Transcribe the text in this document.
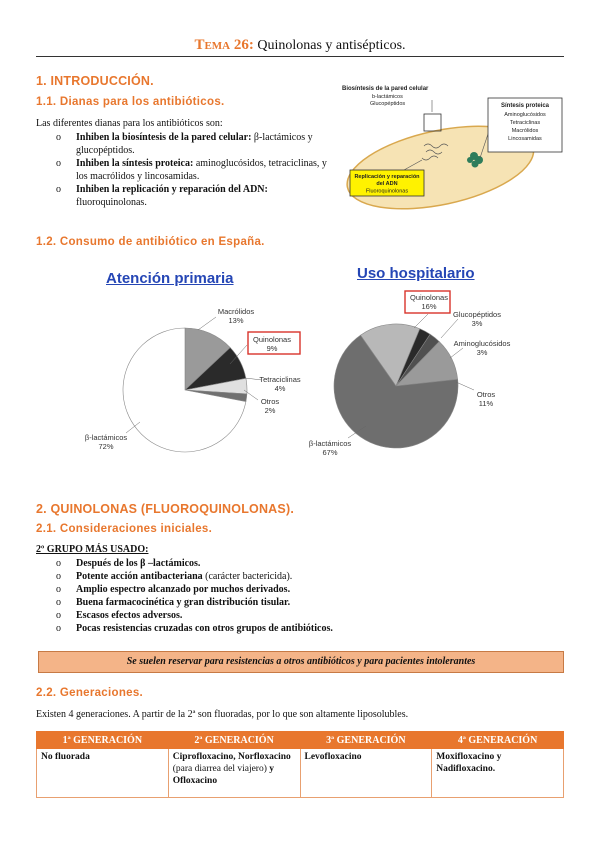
Tema 26: Quinolonas y antisépticos.
1. INTRODUCCIÓN.
1.1. Dianas para los antibióticos.
Las diferentes dianas para los antibióticos son:
o	Inhiben la biosíntesis de la pared celular: β-lactámicos y glucopéptidos.
o	Inhiben la síntesis proteica: aminoglucósidos, tetraciclinas, y los macrólidos y lincosamidas.
o	Inhiben la replicación y reparación del ADN: fluoroquinolonas.
Biosíntesis de la pared celular
b-lactámicos
Glucopéptidos	Síntesis proteica
Aminoglucósidos
Tetraciclinas
Macrólidos
Lincosamidas
Replicación y reparación
del ADN
Fluoroquinolonas
1.2. Consumo de antibiótico en España.
Atención primaria
Macrólidos
13%
Quinolonas
9%
Tetraciclinas
4%
Otros
2%
β-lactámicos
72%
Uso hospitalario
Quinolonas
16%
Glucopéptidos
3%
Aminoglucósidos
3%
Otros
11%
β-lactámicos
67%
2. QUINOLONAS (FLUOROQUINOLONAS).
2.1. Consideraciones iniciales.
2º GRUPO MÁS USADO:
o	Después de los β –lactámicos.
o	Potente acción antibacteriana (carácter bactericida).
o	Amplio espectro alcanzado por muchos derivados.
o	Buena farmacocinética y gran distribución tisular.
o	Escasos efectos adversos.
o	Pocas resistencias cruzadas con otros grupos de antibióticos.
Se suelen reservar para resistencias a otros antibióticos y para pacientes intolerantes
2.2. Generaciones.
Existen 4 generaciones. A partir de la 2ª son fluoradas, por lo que son altamente liposolubles.
1ª GENERACIÓN	2ª GENERACIÓN	3ª GENERACIÓN	4ª GENERACIÓN
No fluorada	Ciprofloxacino, Norfloxacino (para diarrea del viajero) y Ofloxacino	Levofloxacino	Moxifloxacino y Nadifloxacino.
